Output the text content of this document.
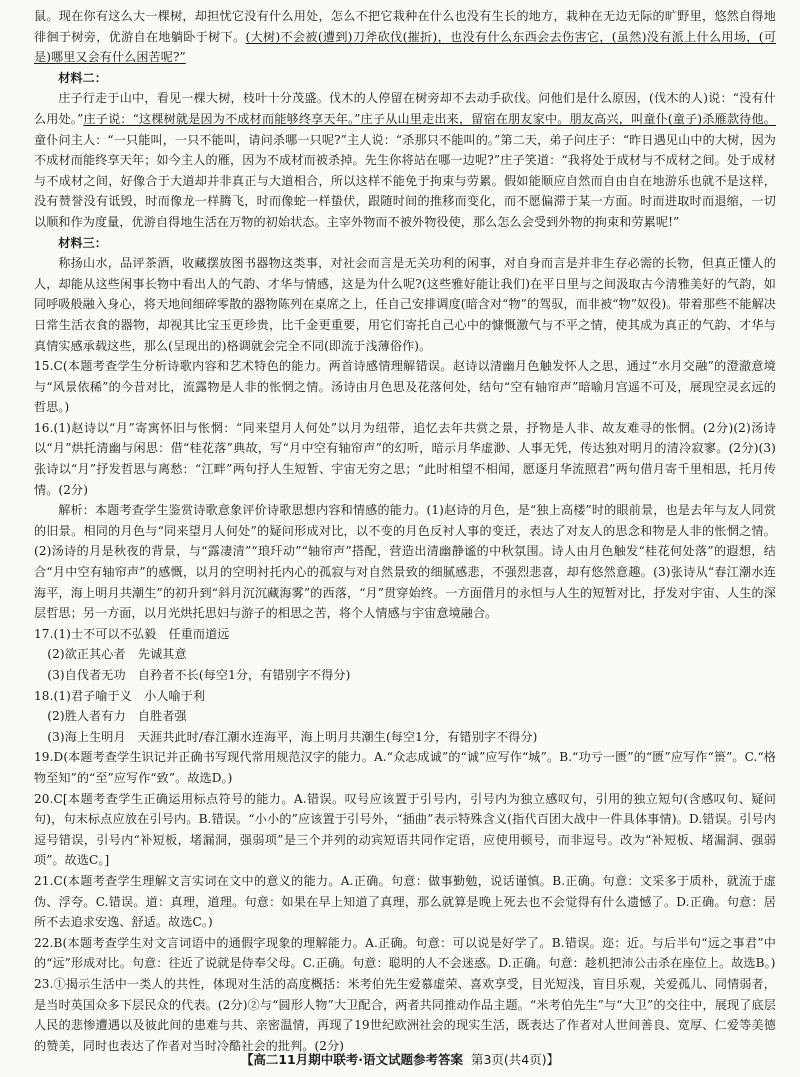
鼠。现在你有这么大一棵树，却担忧它没有什么用处，怎么不把它栽种在什么也没有生长的地方，栽种在无边无际的旷野里，悠然自得地徘徊于树旁，优游自在地躺卧于树下。(大树)不会被(遭到)刀斧砍伐(摧折)，也没有什么东西会去伤害它，(虽然)没有派上什么用场，(可是)哪里又会有什么困苦呢?”

材料二：

庄子行走于山中，看见一棵大树，枝叶十分茂盛。伐木的人停留在树旁却不去动手砍伐。问他们是什么原因，(伐木的人)说：“没有什么用处。”庄子说：“这棵树就是因为不成材而能够终享天年。”庄子从山里走出来，留宿在朋友家中。朋友高兴，叫童仆(童子)杀雁款待他。童仆问主人：“一只能叫，一只不能叫，请问杀哪一只呢?”主人说：“杀那只不能叫的。”第二天，弟子问庄子：“昨日遇见山中的大树，因为不成材而能终享天年；如今主人的雁，因为不成材而被杀掉。先生你将站在哪一边呢?”庄子笑道：“我将处于成材与不成材之间。处于成材与不成材之间，好像合于大道却并非真正与大道相合，所以这样不能免于拘束与劳累。假如能顺应自然而自由自在地游乐也就不是这样，没有赞誉没有诋毁，时而像龙一样腾飞，时而像蛇一样蛰伏，跟随时间的推移而变化，而不愿偏滞于某一方面。时而进取时而退缩，一切以顺和作为度量，优游自得地生活在万物的初始状态。主宰外物而不被外物役使，那么怎么会受到外物的拘束和劳累呢!”

材料三：

称扬山水，品评茶酒，收藏摆放图书器物这类事，对社会而言是无关功利的闲事，对自身而言是并非生存必需的长物，但真正懂人的人，却能从这些闲事长物中看出人的气韵、才华与情感，这是为什么呢?(这些雅好能让我们)在平日里与之间汲取古今清雅美好的气韵，如同呼吸般融入身心，将天地间细碎零散的器物陈列在桌席之上，任自己安排调度(暗含对“物”的驾驭，而非被“物”奴役)。带着那些不能解决日常生活衣食的器物，却视其比宝玉更珍贵，比千金更重要，用它们寄托自己心中的慷慨激气与不平之情，使其成为真正的气韵、才华与真情实感承载这些，那么(呈现出的)格调就会完全不同(即流于浅薄俗作)。

15.C(本题考查学生分析诗歌内容和艺术特色的能力。两首诗感情理解错误。赵诗以清幽月色触发怀人之思，通过“水月交融”的澄澈意境与“风景依稀”的今昔对比，流露物是人非的怅惘之情。汤诗由月色思及花落何处，结句“空有轴帘声”暗喻月宫遥不可及，展现空灵玄远的哲思。)

16.(1)赵诗以“月”寄寓怀旧与怅惘：“同来望月人何处”以月为纽带，追忆去年共赏之景，抒物是人非、故友难寻的怅惘。(2分)(2)汤诗以“月”烘托清幽与闲思：借“桂花落”典故，写“月中空有轴帘声”的幻听，暗示月华虚渺、人事无凭，传达独对明月的清冷寂寥。(2分)(3)张诗以“月”抒发哲思与离愁：“江畔”两句抒人生短暂、宇宙无穷之思；“此时相望不相闻，愿逐月华流照君”两句借月寄千里相思，托月传情。(2分)

解析：本题考查学生鉴赏诗歌意象评价诗歌思想内容和情感的能力。(1)赵诗的月色，是“独上高楼”时的眼前景，也是去年与友人同赏的旧景。相同的月色与“同来望月人何处”的疑问形成对比，以不变的月色反衬人事的变迁，表达了对友人的思念和物是人非的怅惘之情。(2)汤诗的月是秋夜的背景，与“露凄清”“琅玕动”“轴帘声”搭配，营造出清幽静谧的中秋氛围。诗人由月色触发“桂花何处落”的遐想，结合“月中空有轴帘声”的感慨，以月的空明衬托内心的孤寂与对自然景致的细腻感悲，不强烈悲喜，却有悠然意趣。(3)张诗从“春江潮水连海平，海上明月共潮生”的初升到“斜月沉沉藏海雾”的西落，“月”贯穿始终。一方面借月的永恒与人生的短暂对比，抒发对宇宙、人生的深层哲思；另一方面，以月光烘托思妇与游子的相思之苦，将个人情感与宇宙意境融合。

17.(1)士不可以不弘毅　任重而道远

(2)欲正其心者　先诚其意

(3)自伐者无功　自矜者不长(每空1分，有错别字不得分)

18.(1)君子喻于义　小人喻于利

(2)胜人者有力　自胜者强

(3)海上生明月　天涯共此时/春江潮水连海平，海上明月共潮生(每空1分，有错别字不得分)

19.D(本题考查学生识记并正确书写现代常用规范汉字的能力。A.“众志成诚”的“诚”应写作“城”。B.“功亏一匮”的“匮”应写作“篑”。C.“格物至知”的“至”应写作“致”。故选D。)

20.C[本题考查学生正确运用标点符号的能力。A.错误。叹号应该置于引号内，引号内为独立感叹句，引用的独立短句(含感叹句、疑问句)，句末标点应放在引号内。B.错误。“小小的”应该置于引号外，“插曲”表示特殊含义(指代百团大战中一件具体事情)。D.错误。引号内逗号错误，引号内“补短板，堵漏洞，强弱项”是三个并列的动宾短语共同作定语，应使用顿号，而非逗号。改为“补短板、堵漏洞、强弱项”。故选C。]

21.C(本题考查学生理解文言实词在文中的意义的能力。A.正确。句意：做事勤勉，说话谨慎。B.正确。句意：文采多于质朴，就流于虚伪、浮夸。C.错误。道：真理，道理。句意：如果在早上知道了真理，那么就算是晚上死去也不会觉得有什么遗憾了。D.正确。句意：居所不去追求安逸、舒适。故选C。)

22.B(本题考查学生对文言词语中的通假字现象的理解能力。A.正确。句意：可以说是好学了。B.错误。迩：近。与后半句“远之事君”中的“远”形成对比。句意：往近了说就是侍奉父母。C.正确。句意：聪明的人不会迷惑。D.正确。句意：趁机把沛公击杀在座位上。故选B。)

23.①揭示生活中一类人的共性，体现对生活的高度概括：米考伯先生爱慕虚荣、喜欢享受，目光短浅，盲目乐观，关爱孤儿、同情弱者，是当时英国众多下层民众的代表。(2分)②与“圆形人物”大卫配合，两者共同推动作品主题。“米考伯先生”与“大卫”的交往中，展现了底层人民的悲惨遭遇以及彼此间的患难与共、亲密温情，再现了19世纪欧洲社会的现实生活，既表达了作者对人世间善良、宽厚、仁爱等美德的赞美，同时也表达了作者对当时冷酷社会的批判。(2分)

【高二11月期中联考·语文试题参考答案 第3页(共4页)】
